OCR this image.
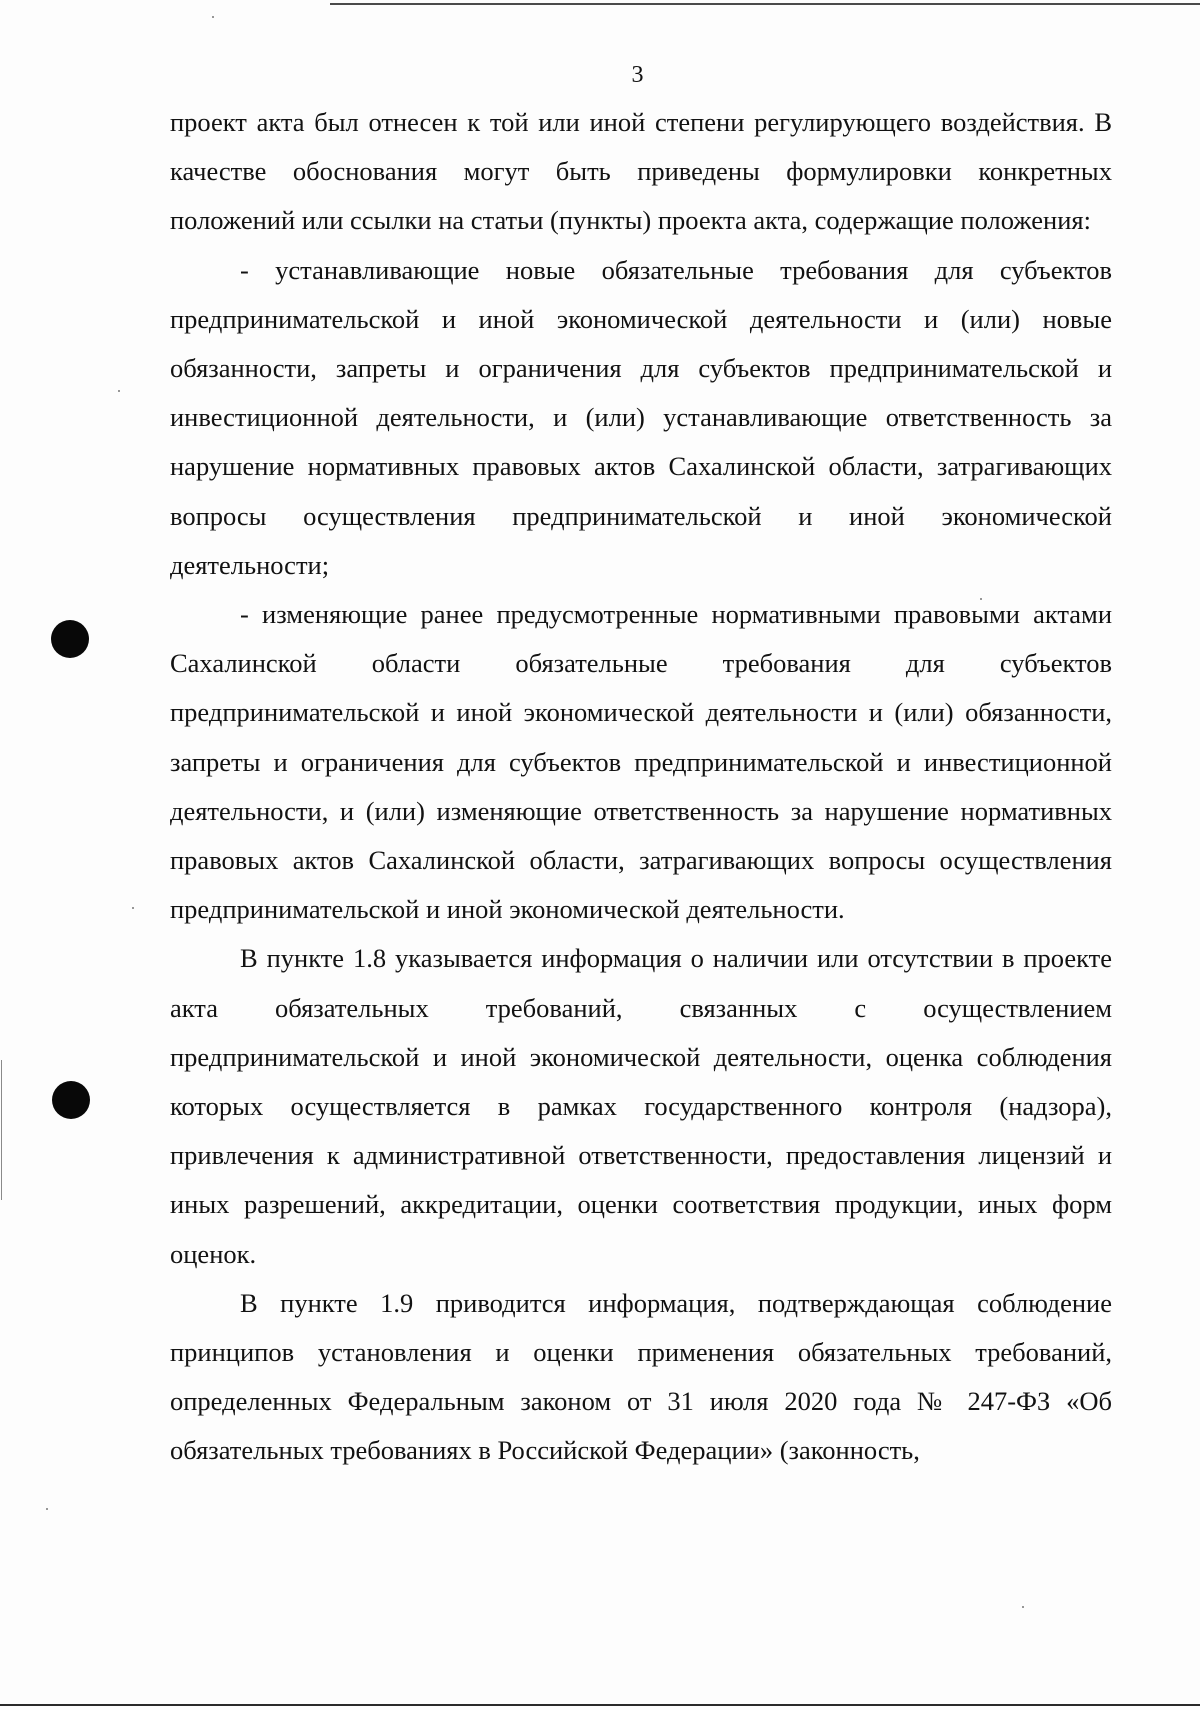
3

проект акта был отнесен к той или иной степени регулирующего воздействия. В качестве обоснования могут быть приведены формулировки конкретных положений или ссылки на статьи (пункты) проекта акта, содержащие положения:

- устанавливающие новые обязательные требования для субъектов предпринимательской и иной экономической деятельности и (или) новые обязанности, запреты и ограничения для субъектов предпринимательской и инвестиционной деятельности, и (или) устанавливающие ответственность за нарушение нормативных правовых актов Сахалинской области, затрагивающих вопросы осуществления предпринимательской и иной экономической деятельности;

- изменяющие ранее предусмотренные нормативными правовыми актами Сахалинской области обязательные требования для субъектов предпринимательской и иной экономической деятельности и (или) обязанности, запреты и ограничения для субъектов предпринимательской и инвестиционной деятельности, и (или) изменяющие ответственность за нарушение нормативных правовых актов Сахалинской области, затрагивающих вопросы осуществления предпринимательской и иной экономической деятельности.

В пункте 1.8 указывается информация о наличии или отсутствии в проекте акта обязательных требований, связанных с осуществлением предпринимательской и иной экономической деятельности, оценка соблюдения которых осуществляется в рамках государственного контроля (надзора), привлечения к административной ответственности, предоставления лицензий и иных разрешений, аккредитации, оценки соответствия продукции, иных форм оценок.

В пункте 1.9 приводится информация, подтверждающая соблюдение принципов установления и оценки применения обязательных требований, определенных Федеральным законом от 31 июля 2020 года № 247-ФЗ «Об обязательных требованиях в Российской Федерации» (законность,
